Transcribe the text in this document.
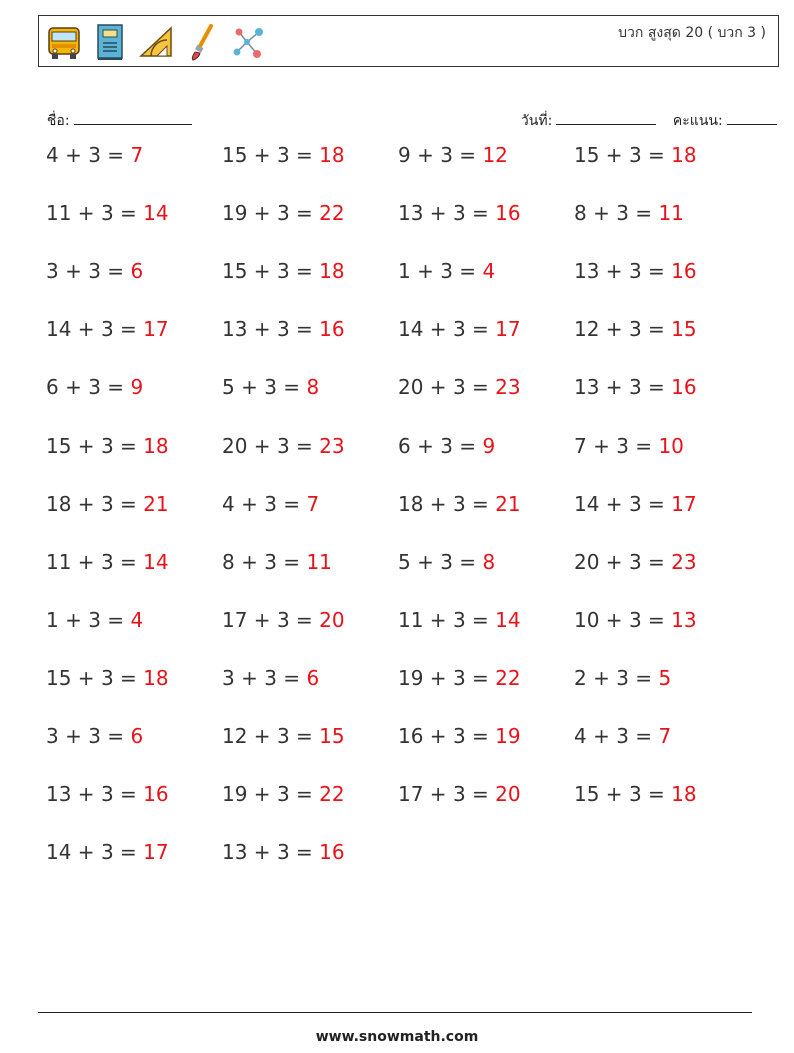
บวก สูงสุด 20 ( บวก 3 )

ชื่อ:	วันที่:	คะแนน:

4 + 3 = 7	15 + 3 = 18	9 + 3 = 12	15 + 3 = 18
11 + 3 = 14	19 + 3 = 22	13 + 3 = 16	8 + 3 = 11
3 + 3 = 6	15 + 3 = 18	1 + 3 = 4	13 + 3 = 16
14 + 3 = 17	13 + 3 = 16	14 + 3 = 17	12 + 3 = 15
6 + 3 = 9	5 + 3 = 8	20 + 3 = 23	13 + 3 = 16
15 + 3 = 18	20 + 3 = 23	6 + 3 = 9	7 + 3 = 10
18 + 3 = 21	4 + 3 = 7	18 + 3 = 21	14 + 3 = 17
11 + 3 = 14	8 + 3 = 11	5 + 3 = 8	20 + 3 = 23
1 + 3 = 4	17 + 3 = 20	11 + 3 = 14	10 + 3 = 13
15 + 3 = 18	3 + 3 = 6	19 + 3 = 22	2 + 3 = 5
3 + 3 = 6	12 + 3 = 15	16 + 3 = 19	4 + 3 = 7
13 + 3 = 16	19 + 3 = 22	17 + 3 = 20	15 + 3 = 18
14 + 3 = 17	13 + 3 = 16
www.snowmath.com
